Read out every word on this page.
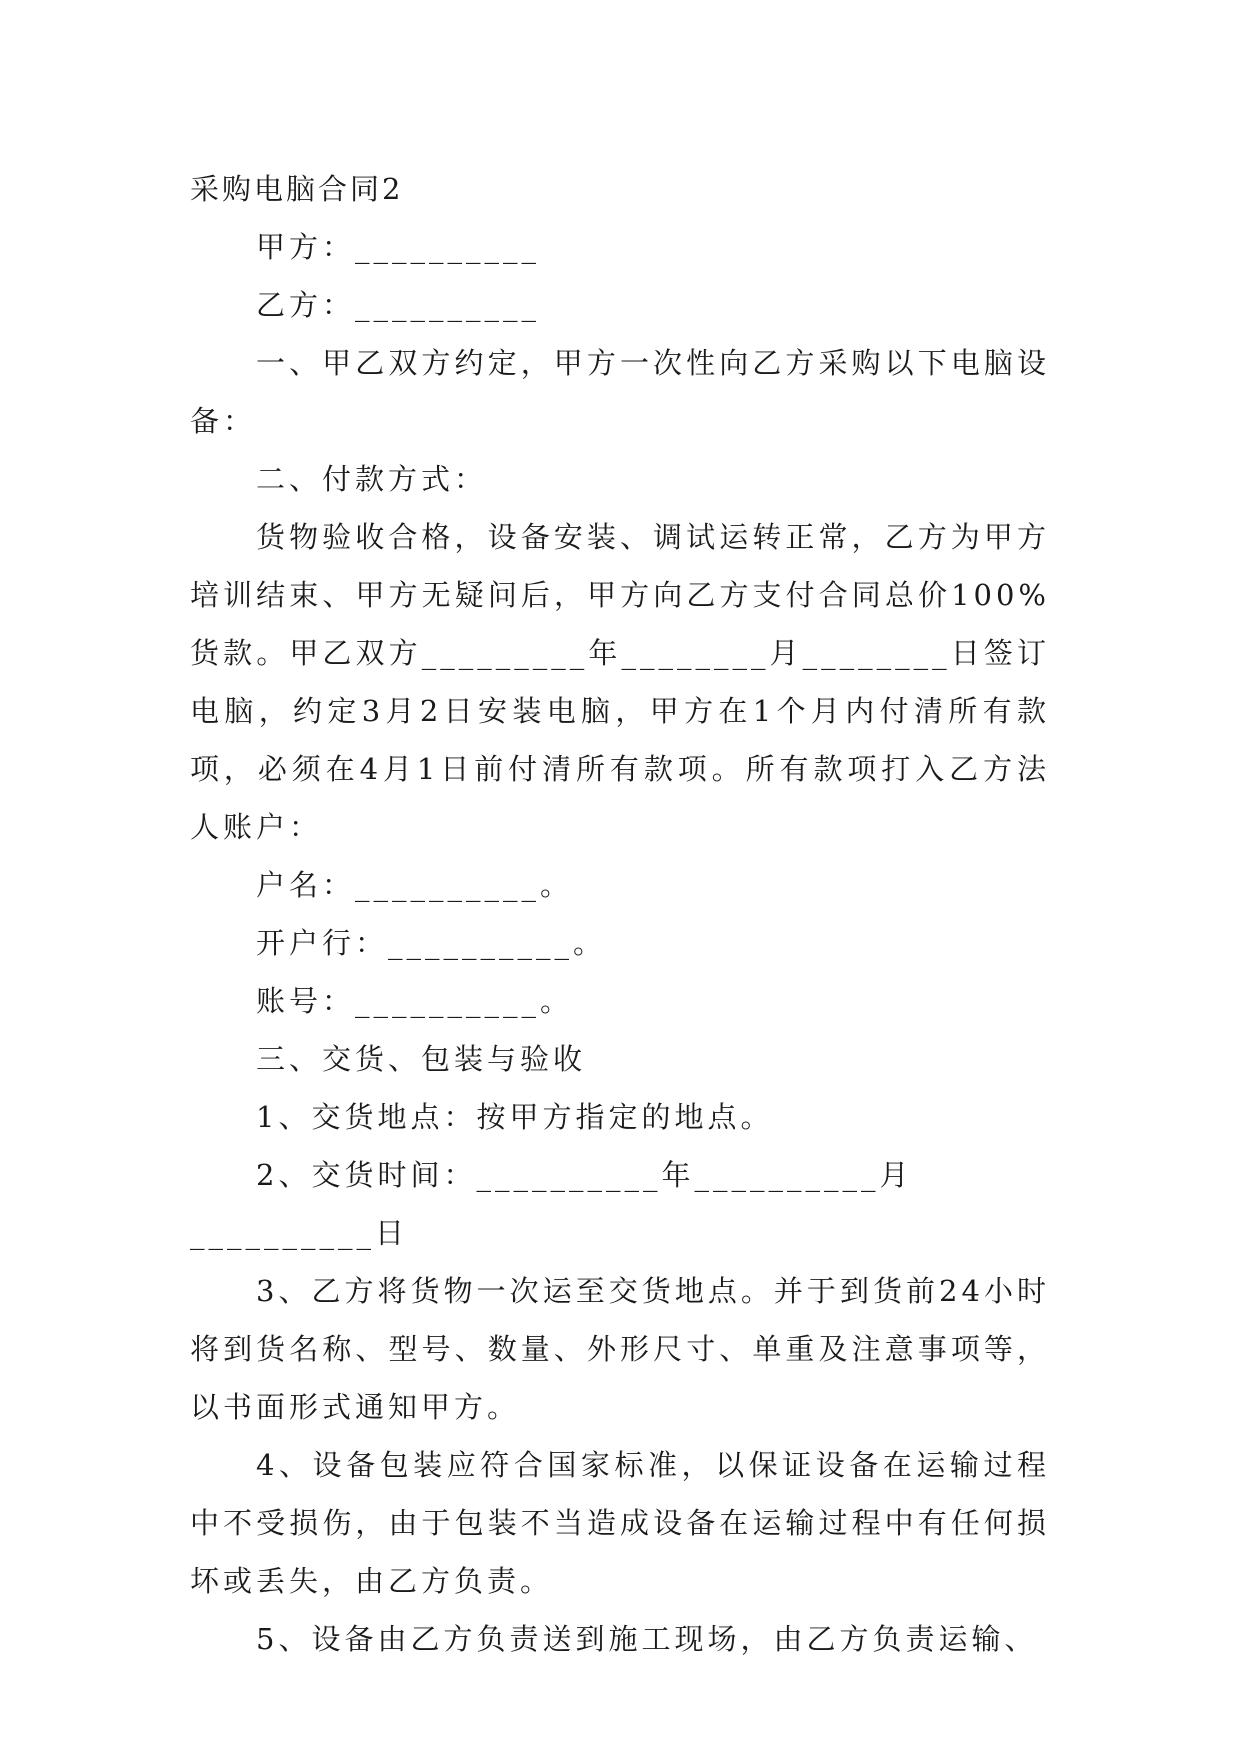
采购电脑合同2

甲方：__________

乙方：__________

一、甲乙双方约定，甲方一次性向乙方采购以下电脑设备：

二、付款方式：

货物验收合格，设备安装、调试运转正常，乙方为甲方培训结束、甲方无疑问后，甲方向乙方支付合同总价100%货款。甲乙双方_________年________月________日签订电脑，约定3月2日安装电脑，甲方在1个月内付清所有款项，必须在4月1日前付清所有款项。所有款项打入乙方法人账户：

户名：__________。

开户行：__________。

账号：__________。

三、交货、包装与验收

1、交货地点：按甲方指定的地点。

2、交货时间：__________年__________月__________日

3、乙方将货物一次运至交货地点。并于到货前24小时将到货名称、型号、数量、外形尺寸、单重及注意事项等，以书面形式通知甲方。

4、设备包装应符合国家标准，以保证设备在运输过程中不受损伤，由于包装不当造成设备在运输过程中有任何损坏或丢失，由乙方负责。

5、设备由乙方负责送到施工现场，由乙方负责运输、
